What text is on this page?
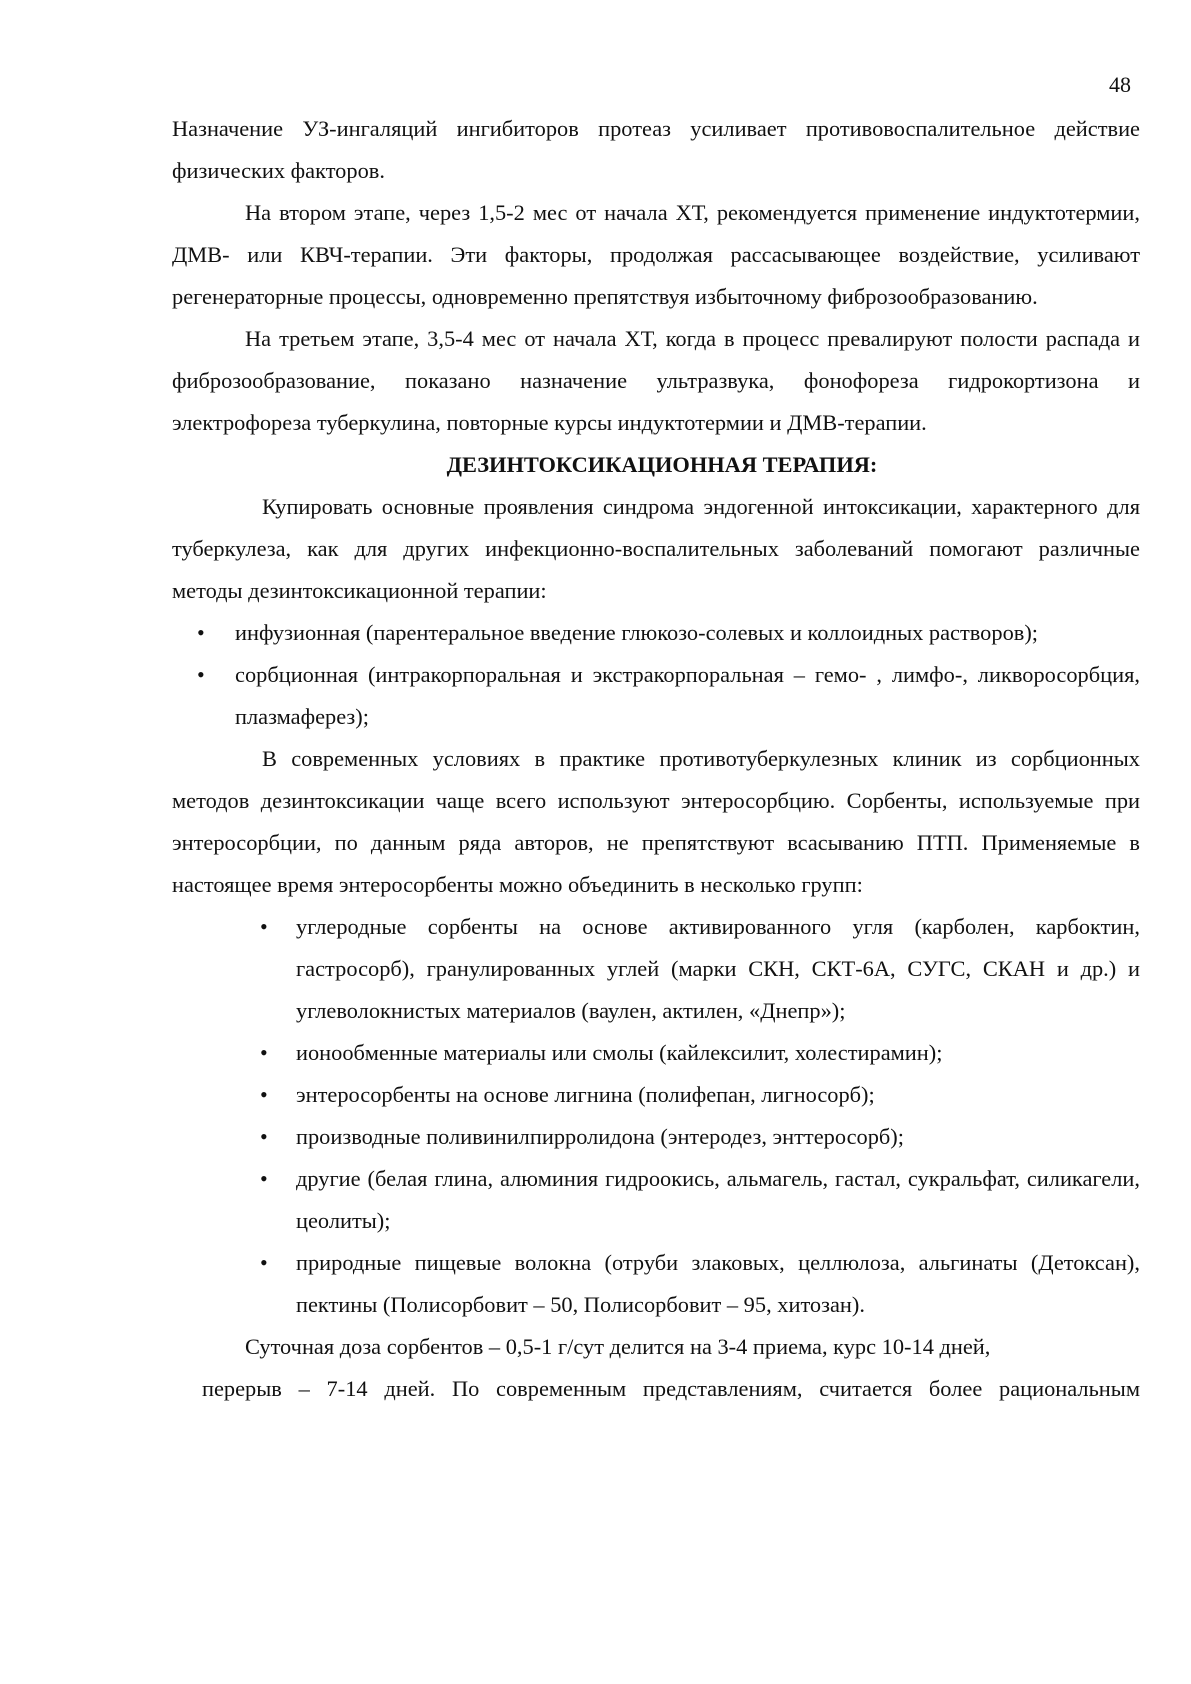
48

Назначение УЗ-ингаляций ингибиторов протеаз усиливает противовоспалительное действие физических факторов.

На втором этапе, через 1,5-2 мес от начала ХТ, рекомендуется применение индуктотермии, ДМВ- или КВЧ-терапии. Эти факторы, продолжая рассасывающее воздействие, усиливают регенераторные процессы, одновременно препятствуя избыточному фиброзообразованию.

На третьем этапе, 3,5-4 мес от начала ХТ, когда в процесс превалируют полости распада и фиброзообразование, показано назначение ультразвука, фонофореза гидрокортизона и электрофореза туберкулина, повторные курсы индуктотермии и ДМВ-терапии.

ДЕЗИНТОКСИКАЦИОННАЯ ТЕРАПИЯ:

Купировать основные проявления синдрома эндогенной интоксикации, характерного для туберкулеза, как для других инфекционно-воспалительных заболеваний помогают различные методы дезинтоксикационной терапии:

• инфузионная (парентеральное введение глюкозо-солевых и коллоидных растворов);
• сорбционная (интракорпоральная и экстракорпоральная – гемо- , лимфо-, ликворосорбция, плазмаферез);

В современных условиях в практике противотуберкулезных клиник из сорбционных методов дезинтоксикации чаще всего используют энтеросорбцию. Сорбенты, используемые при энтеросорбции, по данным ряда авторов, не препятствуют всасыванию ПТП. Применяемые в настоящее время энтеросорбенты можно объединить в несколько групп:

• углеродные сорбенты на основе активированного угля (карболен, карбоктин, гастросорб), гранулированных углей (марки СКН, СКТ-6А, СУГС, СКАН и др.) и углеволокнистых материалов (ваулен, актилен, «Днепр»);
• ионообменные материалы или смолы (кайлексилит, холестирамин);
• энтеросорбенты на основе лигнина (полифепан, лигносорб);
• производные поливинилпирролидона (энтеродез, энттеросорб);
• другие (белая глина, алюминия гидроокись, альмагель, гастал, сукральфат, силикагели, цеолиты);
• природные пищевые волокна (отруби злаковых, целлюлоза, альгинаты (Детоксан), пектины (Полисорбовит – 50, Полисорбовит – 95, хитозан).

Суточная доза сорбентов – 0,5-1 г/сут делится на 3-4 приема, курс 10-14 дней,
перерыв – 7-14 дней. По современным представлениям, считается более рациональным
